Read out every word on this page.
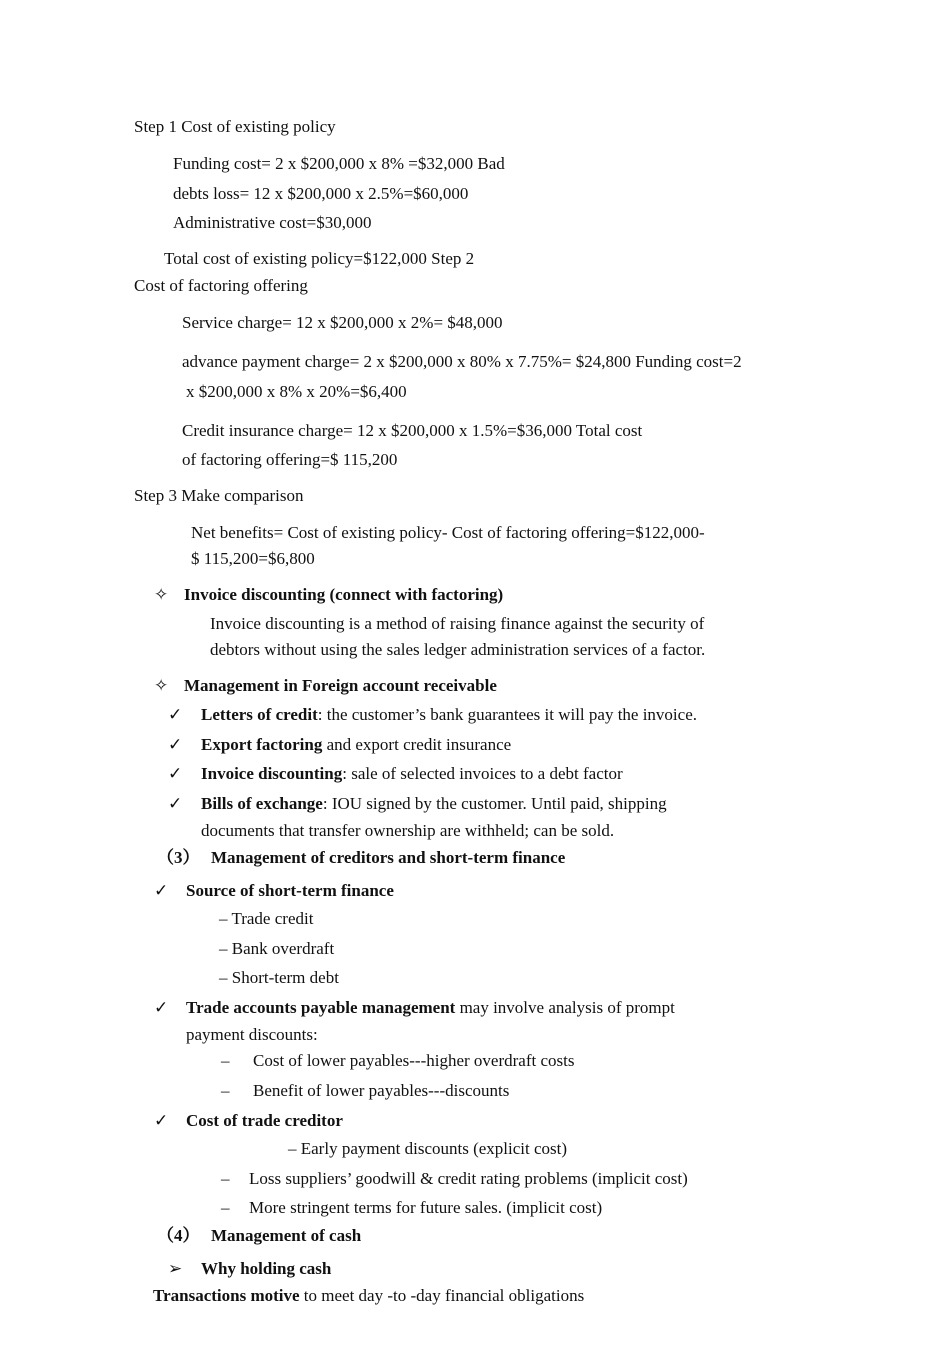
Step 1 Cost of existing policy
Funding cost= 2 x $200,000 x 8% =$32,000 Bad
debts loss= 12 x $200,000 x 2.5%=$60,000
Administrative cost=$30,000
Total cost of existing policy=$122,000 Step 2
Cost of factoring offering
Service charge= 12 x $200,000 x 2%= $48,000
advance payment charge= 2 x $200,000 x 80% x 7.75%= $24,800 Funding cost=2
x $200,000 x 8% x 20%=$6,400
Credit insurance charge= 12 x $200,000 x 1.5%=$36,000 Total cost
of factoring offering=$ 115,200
Step 3 Make comparison
Net benefits= Cost of existing policy- Cost of factoring offering=$122,000-
$ 115,200=$6,800
✧ Invoice discounting (connect with factoring)
Invoice discounting is a method of raising finance against the security of
debtors without using the sales ledger administration services of a factor.
✧ Management in Foreign account receivable
✓ Letters of credit: the customer’s bank guarantees it will pay the invoice.
✓ Export factoring and export credit insurance
✓ Invoice discounting: sale of selected invoices to a debt factor
✓ Bills of exchange: IOU signed by the customer. Until paid, shipping
documents that transfer ownership are withheld; can be sold.
（3） Management of creditors and short-term finance
✓ Source of short-term finance
– Trade credit
– Bank overdraft
– Short-term debt
✓ Trade accounts payable management may involve analysis of prompt
payment discounts:
– Cost of lower payables---higher overdraft costs
– Benefit of lower payables---discounts
✓ Cost of trade creditor
– Early payment discounts (explicit cost)
– Loss suppliers’ goodwill & credit rating problems (implicit cost)
– More stringent terms for future sales. (implicit cost)
（4） Management of cash
➢ Why holding cash
Transactions motive to meet day -to -day financial obligations
